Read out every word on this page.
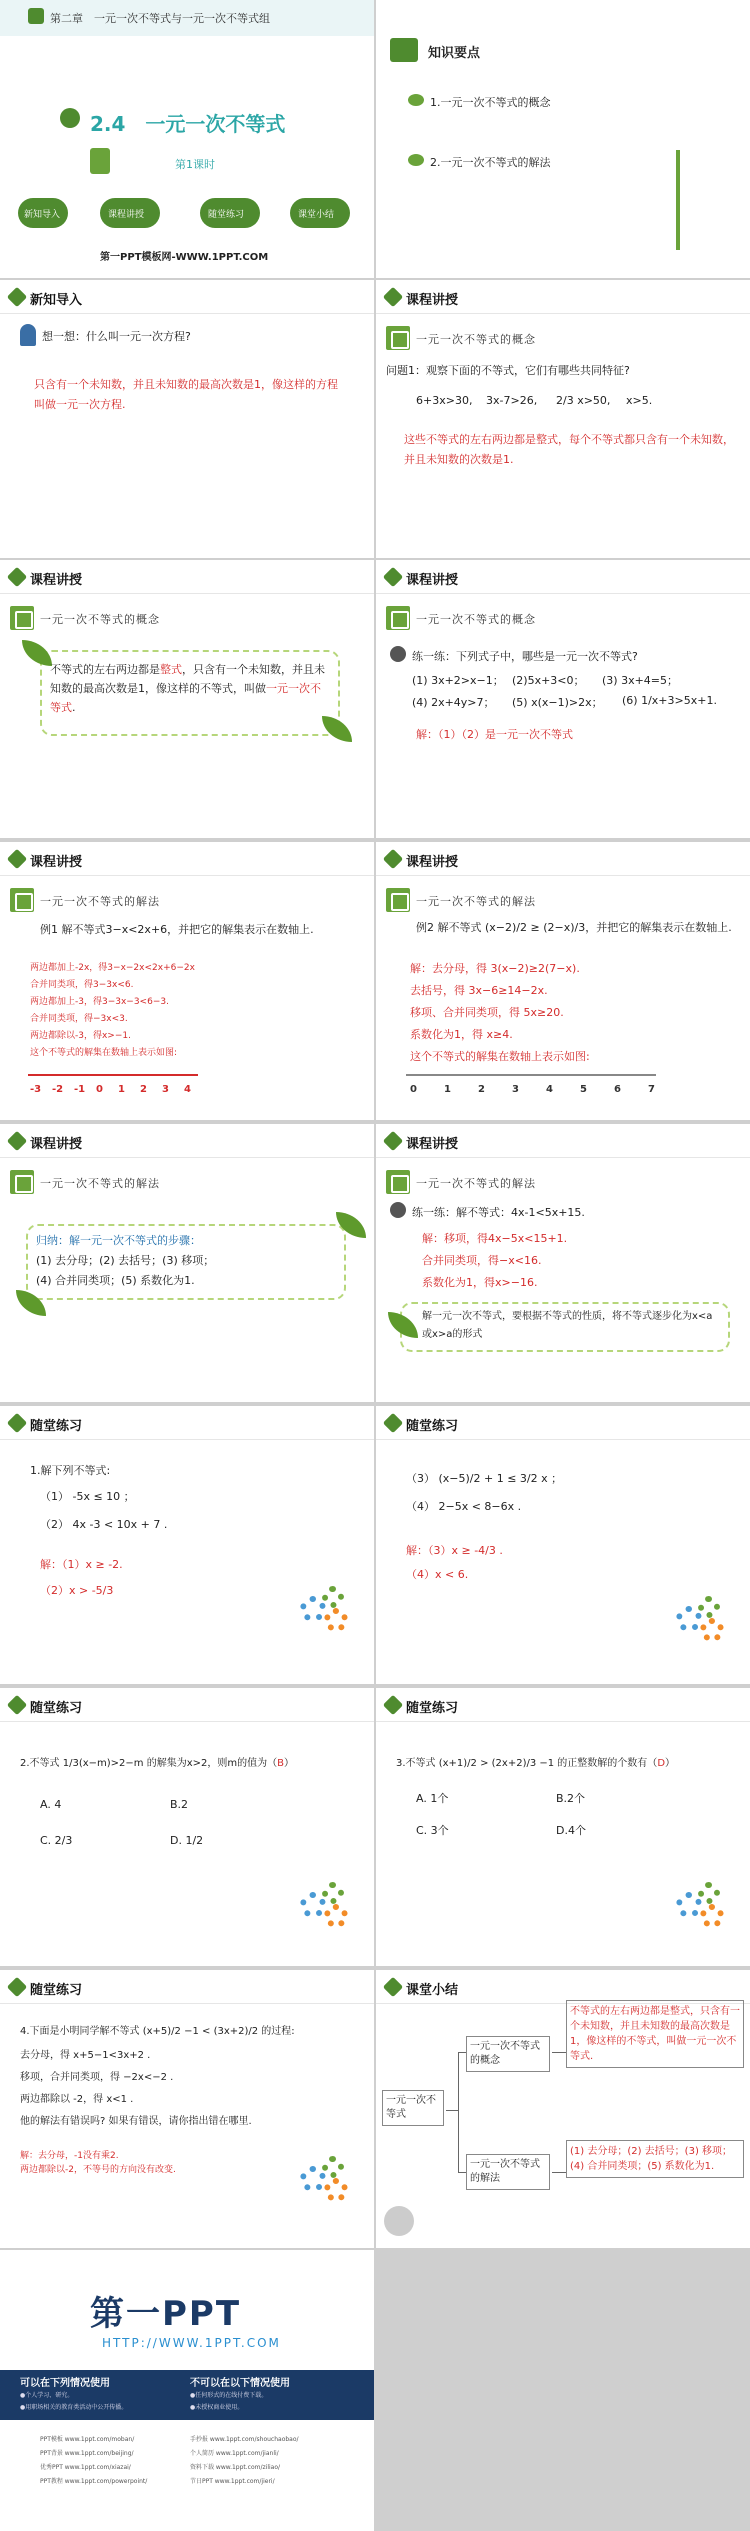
第二章　一元一次不等式与一元一次不等式组
2.4　一元一次不等式
第1课时
新知导入	课程讲授	随堂练习	课堂小结
第一PPT模板网-WWW.1PPT.COM
知识要点
1.一元一次不等式的概念
2.一元一次不等式的解法
新知导入
想一想：什么叫一元一次方程?
只含有一个未知数，并且未知数的最高次数是1，像这样的方程叫做一元一次方程.
课程讲授
一元一次不等式的概念
问题1：观察下面的不等式，它们有哪些共同特征?
6+3x>30, 3x-7>26, 2/3 x>50, x>5.
这些不等式的左右两边都是整式，每个不等式都只含有一个未知数，并且未知数的次数是1.
课程讲授
一元一次不等式的概念
不等式的左右两边都是整式，只含有一个未知数，并且未知数的最高次数是1，像这样的不等式，叫做一元一次不等式.
课程讲授
一元一次不等式的概念
练一练：下列式子中，哪些是一元一次不等式?
(1) 3x+2>x−1； (2)5x+3<0； (3) 3x+4=5；
(4) 2x+4y>7； (5) x(x−1)>2x； (6) 1/x+3>5x+1.
解：（1）（2）是一元一次不等式
课程讲授
一元一次不等式的解法
例1 解不等式3−x<2x+6，并把它的解集表示在数轴上.
两边都加上-2x，得3−x−2x<2x+6−2x
合并同类项，得3−3x<6.
两边都加上-3，得3−3x−3<6−3.
合并同类项，得−3x<3.
两边都除以-3，得x>−1.
这个不等式的解集在数轴上表示如图:
-3 -2 -1 0 1 2 3 4
课程讲授
一元一次不等式的解法
例2 解不等式 (x−2)/2 ≥ (2−x)/3，并把它的解集表示在数轴上.
解：去分母，得 3(x−2)≥2(7−x).
去括号，得 3x−6≥14−2x.
移项、合并同类项，得 5x≥20.
系数化为1，得 x≥4.
这个不等式的解集在数轴上表示如图:
0	1	2	3	4	5	6	7
课程讲授
一元一次不等式的解法
归纳：解一元一次不等式的步骤：
(1) 去分母；(2) 去括号；(3) 移项；
(4) 合并同类项；(5) 系数化为1.
课程讲授
一元一次不等式的解法
练一练：解不等式：4x-1<5x+15.
解：移项，得4x−5x<15+1.
合并同类项，得−x<16.
系数化为1，得x>−16.
解一元一次不等式，要根据不等式的性质，将不等式逐步化为x<a或x>a的形式
随堂练习
1.解下列不等式:
（1） -5x ≤ 10 ；
（2） 4x -3 < 10x + 7 .
解：（1）x ≥ -2.
（2）x > -5/3
随堂练习
（3） (x−5)/2 + 1 ≤ 3/2 x ；
（4） 2−5x < 8−6x .
解：（3）x ≥ -4/3 .
（4）x < 6.
随堂练习
2.不等式 1/3(x−m)>2−m 的解集为x>2，则m的值为（B）
A. 4	B.2
C. 2/3	D. 1/2
随堂练习
3.不等式 (x+1)/2 > (2x+2)/3 −1 的正整数解的个数有（D）
A. 1个	B.2个
C. 3个	D.4个
随堂练习
4.下面是小明同学解不等式 (x+5)/2 −1 < (3x+2)/2 的过程:
去分母，得 x+5−1<3x+2 .
移项，合并同类项，得 −2x<−2 .
两边都除以 -2，得 x<1 .
他的解法有错误吗? 如果有错误，请你指出错在哪里.
解：去分母，-1没有乘2.
两边都除以-2，不等号的方向没有改变.
课堂小结
一元一次不等式
一元一次不等式的概念
一元一次不等式的解法
不等式的左右两边都是整式，只含有一个未知数，并且未知数的最高次数是1，像这样的不等式，叫做一元一次不等式.
(1) 去分母；(2) 去括号；(3) 移项；(4) 合并同类项；(5) 系数化为1.
第一PPT
HTTP://WWW.1PPT.COM
可以在下列情况使用
●个人学习、研究。
●用职场相关的教育类活动中公开传播。
不可以在以下情况使用
●任何形式的在线付费下载。
●未授权商业使用。
PPT模板 www.1ppt.com/moban/
PPT背景 www.1ppt.com/beijing/
优秀PPT www.1ppt.com/xiazai/
PPT教程 www.1ppt.com/powerpoint/
手抄报 www.1ppt.com/shouchaobao/
个人简历 www.1ppt.com/jianli/
资料下载 www.1ppt.com/ziliao/
节日PPT www.1ppt.com/jieri/
